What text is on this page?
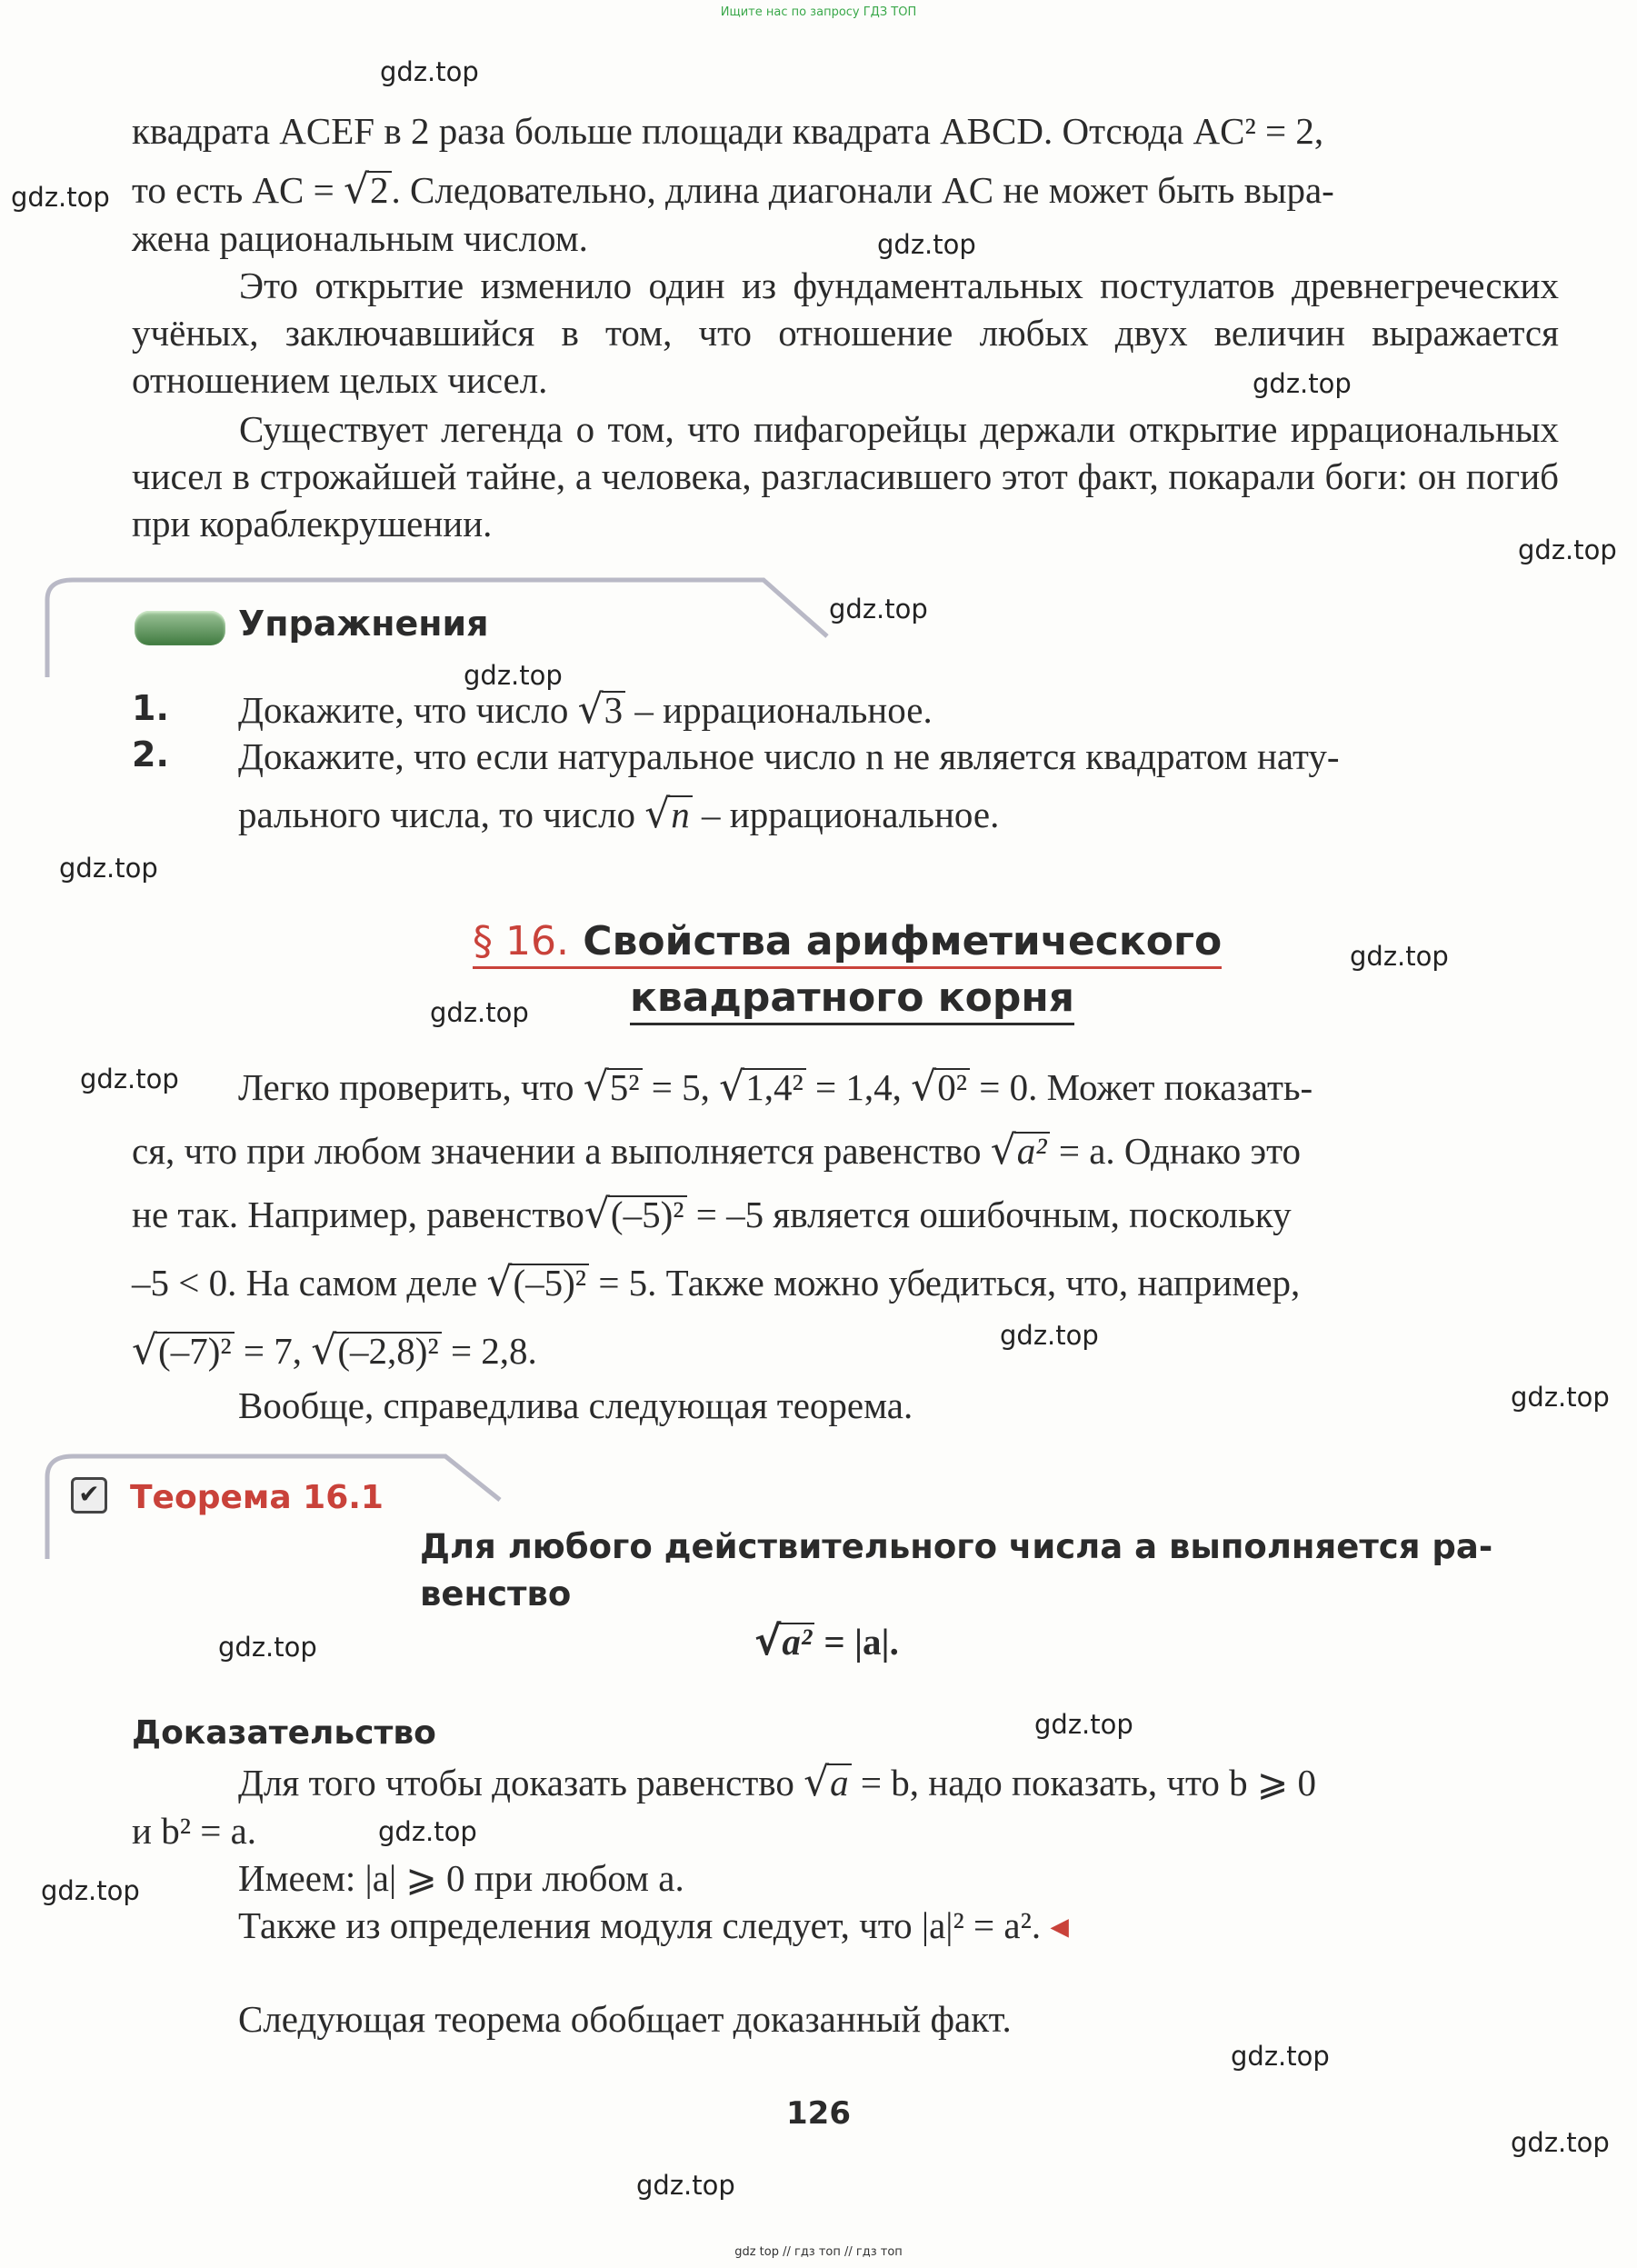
Ищите нас по запросу ГДЗ ТОП
квадрата ACEF в 2 раза больше площади квадрата ABCD. Отсюда AC² = 2,
то есть AC = √2. Следовательно, длина диагонали AC не может быть выра-
жена рациональным числом.
Это открытие изменило один из фундаментальных постулатов древнегреческих учёных, заключавшийся в том, что отношение любых двух величин выражается отношением целых чисел.
Существует легенда о том, что пифагорейцы держали открытие иррациональных чисел в строжайшей тайне, а человека, разгласившего этот факт, покарали боги: он погиб при кораблекрушении.
Упражнения
1. Докажите, что число √3 – иррациональное.
2. Докажите, что если натуральное число n не является квадратом нату-
рального числа, то число √n – иррациональное.
§ 16. Свойства арифметического
квадратного корня
Легко проверить, что √5² = 5, √1,4² = 1,4, √0² = 0. Может показать-
ся, что при любом значении a выполняется равенство √a² = a. Однако это
не так. Например, равенство√(–5)² = –5 является ошибочным, поскольку
–5 < 0. На самом деле √(–5)² = 5. Также можно убедиться, что, например,
√(–7)² = 7, √(–2,8)² = 2,8.
Вообще, справедлива следующая теорема.
✔ Теорема 16.1
Для любого действительного числа a выполняется ра-
венство
√a² = |a|.
Доказательство
Для того чтобы доказать равенство √a = b, надо показать, что b ⩾ 0
и b² = a.
Имеем: |a| ⩾ 0 при любом a.
Также из определения модуля следует, что |a|² = a². ◂
Следующая теорема обобщает доказанный факт.
126
gdz top // гдз топ // гдз топ
gdz.top
gdz.top
gdz.top
gdz.top
gdz.top
gdz.top
gdz.top
gdz.top
gdz.top
gdz.top
gdz.top
gdz.top
gdz.top
gdz.top
gdz.top
gdz.top
gdz.top
gdz.top
gdz.top
gdz.top
